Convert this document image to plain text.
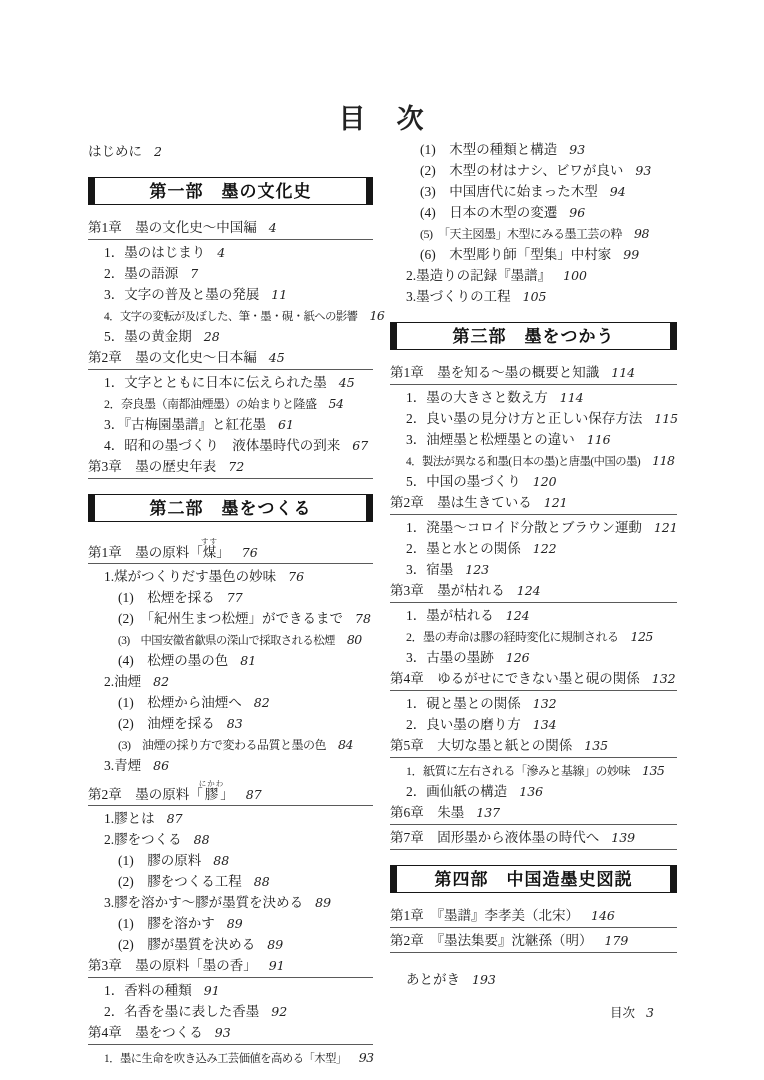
目　次
はじめに 2
第一部　墨の文化史
第1章　墨の文化史～中国編 4
1．墨のはじまり 4
2．墨の語源 7
3．文字の普及と墨の発展 11
4．文字の変転が及ぼした、筆・墨・硯・紙への影響 16
5．墨の黄金期 28
第2章　墨の文化史～日本編 45
1．文字とともに日本に伝えられた墨 45
2．奈良墨（南都油煙墨）の始まりと隆盛 54
3．『古梅園墨譜』と紅花墨 61
4．昭和の墨づくり　液体墨時代の到来 67
第3章　墨の歴史年表 72
第二部　墨をつくる
第1章　墨の原料「煤すす」 76
1.煤がつくりだす墨色の妙味 76
(1)　松煙を採る 77
(2)　「紀州生まつ松煙」ができるまで 78
(3)　中国安徽省歙県の深山で採取される松煙 80
(4)　松煙の墨の色 81
2.油煙 82
(1)　松煙から油煙へ 82
(2)　油煙を採る 83
(3)　油煙の採り方で変わる品質と墨の色 84
3.青煙 86
第2章　墨の原料「膠にかわ」 87
1.膠とは 87
2.膠をつくる 88
(1)　膠の原料 88
(2)　膠をつくる工程 88
3.膠を溶かす～膠が墨質を決める 89
(1)　膠を溶かす 89
(2)　膠が墨質を決める 89
第3章　墨の原料「墨の香」 91
1．香料の種類 91
2．名香を墨に表した香墨 92
第4章　墨をつくる 93
1．墨に生命を吹き込み工芸価値を高める「木型」 93
(1)　木型の種類と構造 93
(2)　木型の材はナシ、ビワが良い 93
(3)　中国唐代に始まった木型 94
(4)　日本の木型の変遷 96
(5)　「天主図墨」木型にみる墨工芸の粋 98
(6)　木型彫り師「型集」中村家 99
2.墨造りの記録『墨譜』 100
3.墨づくりの工程 105
第三部　墨をつかう
第1章　墨を知る～墨の概要と知識 114
1．墨の大きさと数え方 114
2．良い墨の見分け方と正しい保存方法 115
3．油煙墨と松煙墨との違い 116
4．製法が異なる和墨(日本の墨)と唐墨(中国の墨) 118
5．中国の墨づくり 120
第2章　墨は生きている 121
1．溌墨～コロイド分散とブラウン運動 121
2．墨と水との関係 122
3．宿墨 123
第3章　墨が枯れる 124
1．墨が枯れる 124
2．墨の寿命は膠の経時変化に規制される 125
3．古墨の墨跡 126
第4章　ゆるがせにできない墨と硯の関係 132
1．硯と墨との関係 132
2．良い墨の磨り方 134
第5章　大切な墨と紙との関係 135
1．紙質に左右される「滲みと基線」の妙味 135
2．画仙紙の構造 136
第6章　朱墨 137
第7章　固形墨から液体墨の時代へ 139
第四部　中国造墨史図説
第1章　『墨譜』李孝美（北宋） 146
第2章　『墨法集要』沈継孫（明） 179
あとがき 193
目次 3
